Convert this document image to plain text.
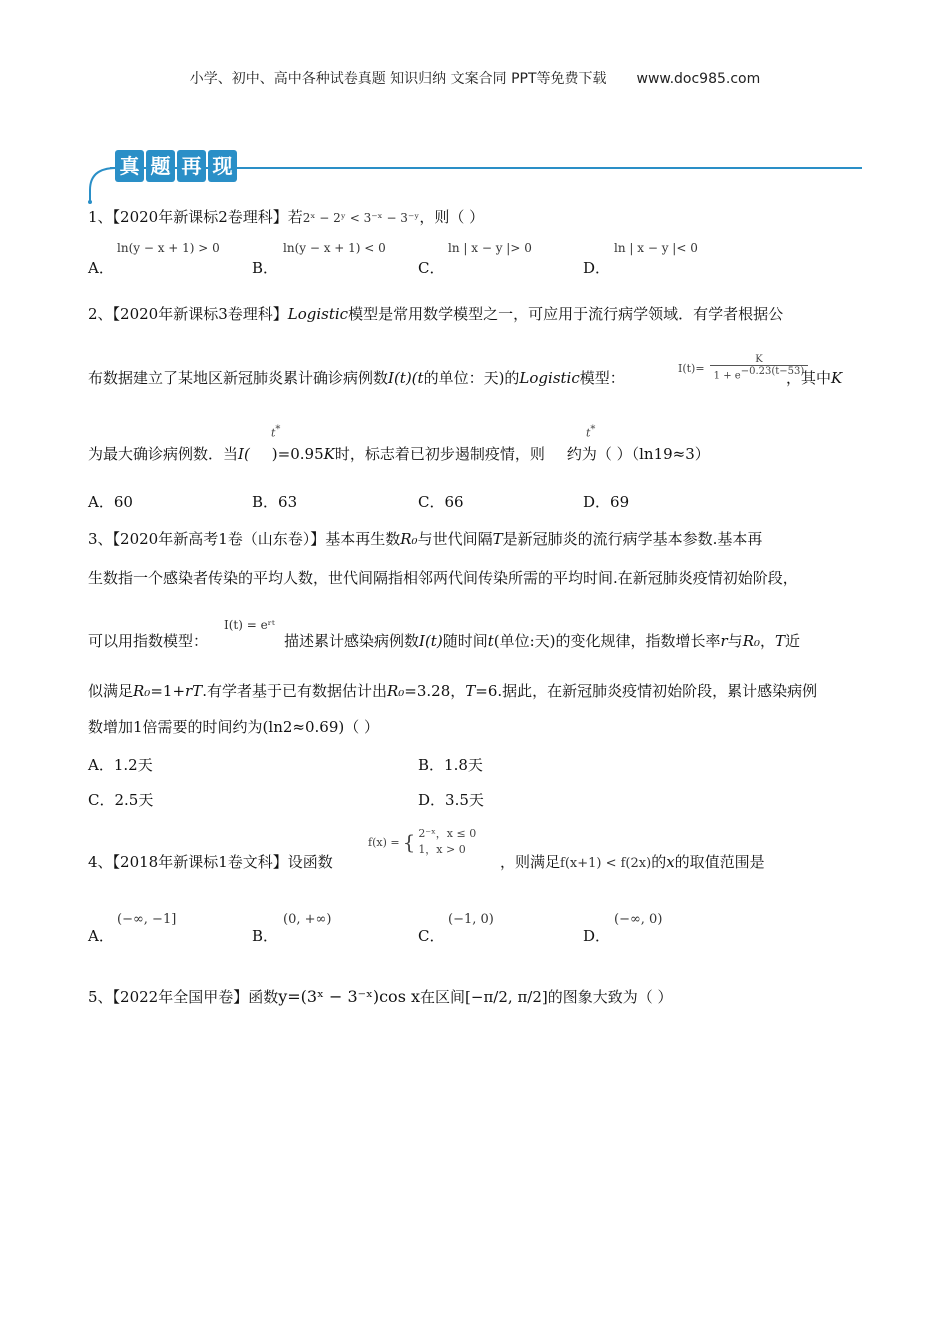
小学、初中、高中各种试卷真题 知识归纳 文案合同 PPT等免费下载 www.doc985.com
真 题 再 现
1、【2020年新课标2卷理科】若2ˣ − 2ʸ < 3⁻ˣ − 3⁻ʸ，则（ ）
A．
ln(y − x + 1) > 0
B．
ln(y − x + 1) < 0
C．
ln | x − y |> 0
D．
ln | x − y |< 0
2、【2020年新课标3卷理科】Logistic模型是常用数学模型之一，可应用于流行病学领域．有学者根据公
布数据建立了某地区新冠肺炎累计确诊病例数I(t)(t的单位：天)的Logistic模型：
$I(t)= \frac{K}{1 + e-0.23(t-53)}$
，其中K
为最大确诊病例数．当I( )=0.95K时，标志着已初步遏制疫情，则 约为（ ）（ln19≈3）
t*	t*
A．60	B．63	C．66	D．69
3、【2020年新高考1卷（山东卷）】基本再生数R₀与世代间隔T是新冠肺炎的流行病学基本参数.基本再
生数指一个感染者传染的平均人数，世代间隔指相邻两代间传染所需的平均时间.在新冠肺炎疫情初始阶段，
可以用指数模型：
I(t) = eʳᵗ
描述累计感染病例数I(t)随时间t(单位:天)的变化规律，指数增长率r与R₀，T近
似满足R₀=1+rT.有学者基于已有数据估计出R₀=3.28，T=6.据此，在新冠肺炎疫情初始阶段，累计感染病例
数增加1倍需要的时间约为(ln2≈0.69)（ ）
A．1.2天	B．1.8天
C．2.5天	D．3.5天
4、【2018年新课标1卷文科】设函数
f(x) = { 2⁻ˣ，x ≤ 0
1，x > 0
，则满足f(x+1) < f(2x)的x的取值范围是
A．
(−∞, −1]
B．
(0, +∞)
C．
(−1, 0)
D．
(−∞, 0)
5、【2022年全国甲卷】函数y=(3ˣ − 3⁻ˣ)cos x在区间[−π/2, π/2]的图象大致为（ ）
